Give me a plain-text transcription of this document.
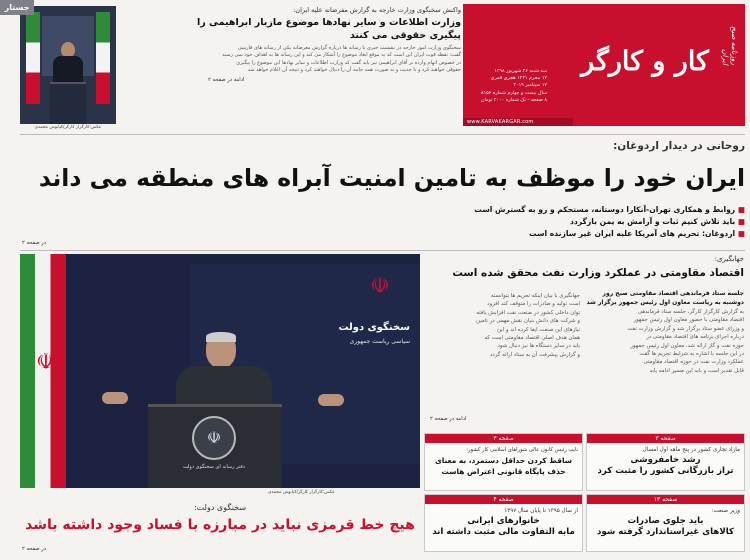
عکس:کارگزار کارگر/کیانوش محمدی
جستار	واکنش سخنگوی وزارت خارجه به گزارش مفرضانه علیه ایران:
وزارت اطلاعات و سایر نهادها موضوع مازیار ابراهیمی را
پیگیری حقوقی می کنند
سخنگوی وزارت امور خارجه در نشست خبری با رسانه ها درباره گزارش مغرضانه یکی از رسانه های فارسی
گفت: نقطه قوت ایران این است که به موقع ابعاد موضوع را آشکار می کند و این رسانه ها به اهداف خود نمی رسند
در خصوص اتهام وارده بر آقای ابراهیمی نیز باید گفت که وزارت اطلاعات و سایر نهادها این موضوع را پیگیری
حقوقی خواهند کرد و با جدیت و به صورت همه جانبه آن را دنبال خواهند کرد و نتیجه آن اعلام خواهد شد
ادامه در صفحه ۲
روزنامه صبح ایران
کار و کارگر
سه شنبه ۲۶ شهریور ۱۳۹۸
۱۷ محرم ۱۴۴۱ هجری قمری
۱۷ سپتامبر ۲۰۱۹
سال بیست و چهارم شماره ۸۱۵۶
۸ صفحه - تک شماره ۲۰۰۰ تومان
www.KARVAKARGAR.com
روحانی در دیدار اردوغان:
ایران خود را موظف به تامین امنیت آبراه های منطقه می داند
■ روابط و همکاری تهران-آنکارا دوستانه، مستحکم و رو به گسترش است
■ باید تلاش کنیم ثبات و آرامش به یمن بازگردد
■ اردوغان: تحریم های آمریکا علیه ایران غیر سازنده است
در صفحه ۲
☫
سخنگوی دولت
سیاسی ریاست جمهوری
☫
☫
دفتر رسانه ای سخنگوی دولت
عکس:کارگزار کارگر/کیانوش محمدی
سخنگوی دولت:
هیچ خط قرمزی نباید در مبارزه با فساد وجود داشته باشد
در صفحه ۲
جهانگیری:
اقتصاد مقاومتی در عملکرد وزارت نفت محقق شده است
جلسه ستاد فرماندهی اقتصاد مقاومتی صبح روز دوشنبه به ریاست معاون اول رئیس جمهور برگزار شد
به گزارش کارگزار کارگر، جلسه ستاد فرماندهی
اقتصاد مقاومتی با حضور معاون اول رئیس جمهور
و وزرای عضو ستاد برگزار شد و گزارش وزارت نفت
درباره اجرای برنامه های اقتصاد مقاومتی در
حوزه نفت و گاز ارائه شد. معاون اول رئیس جمهور
در این جلسه با اشاره به شرایط تحریم ها گفت
عملکرد وزارت نفت در حوزه اقتصاد مقاومتی
قابل تقدیر است و باید این مسیر ادامه یابد
جهانگیری با بیان اینکه تحریم ها نتوانسته
است تولید و صادرات را متوقف کند افزود
توان داخلی کشور در صنعت نفت افزایش یافته
و شرکت های دانش بنیان نقش مهمی در تامین
نیازهای این صنعت ایفا کرده اند و این
همان هدف اصلی اقتصاد مقاومتی است که
باید در سایر دستگاه ها نیز دنبال شود
و گزارش پیشرفت آن به ستاد ارائه گردد
ادامه در صفحه ۲
صفحه ۳
مازاد تجاری کشور در پنج ماهه اول امسال
رشد خامفروشی
تراز بازرگانی کشور را مثبت کرد
صفحه ۳
نایب رئیس کانون عالی شوراهای اسلامی کار کشور:
ساقط کردن حداقل دستمزد، به معنای
حذف پایگاه قانونی اعتراض هاست
صفحه ۱۳
وزیر صنعت:
باید جلوی صادرات
کالاهای غیراستاندارد گرفته شود
صفحه ۴
از سال ۱۳۹۵ تا پایان سال ۱۳۹۷
خانوارهای ایرانی
مابه التفاوت مالی مثبت داشته اند
